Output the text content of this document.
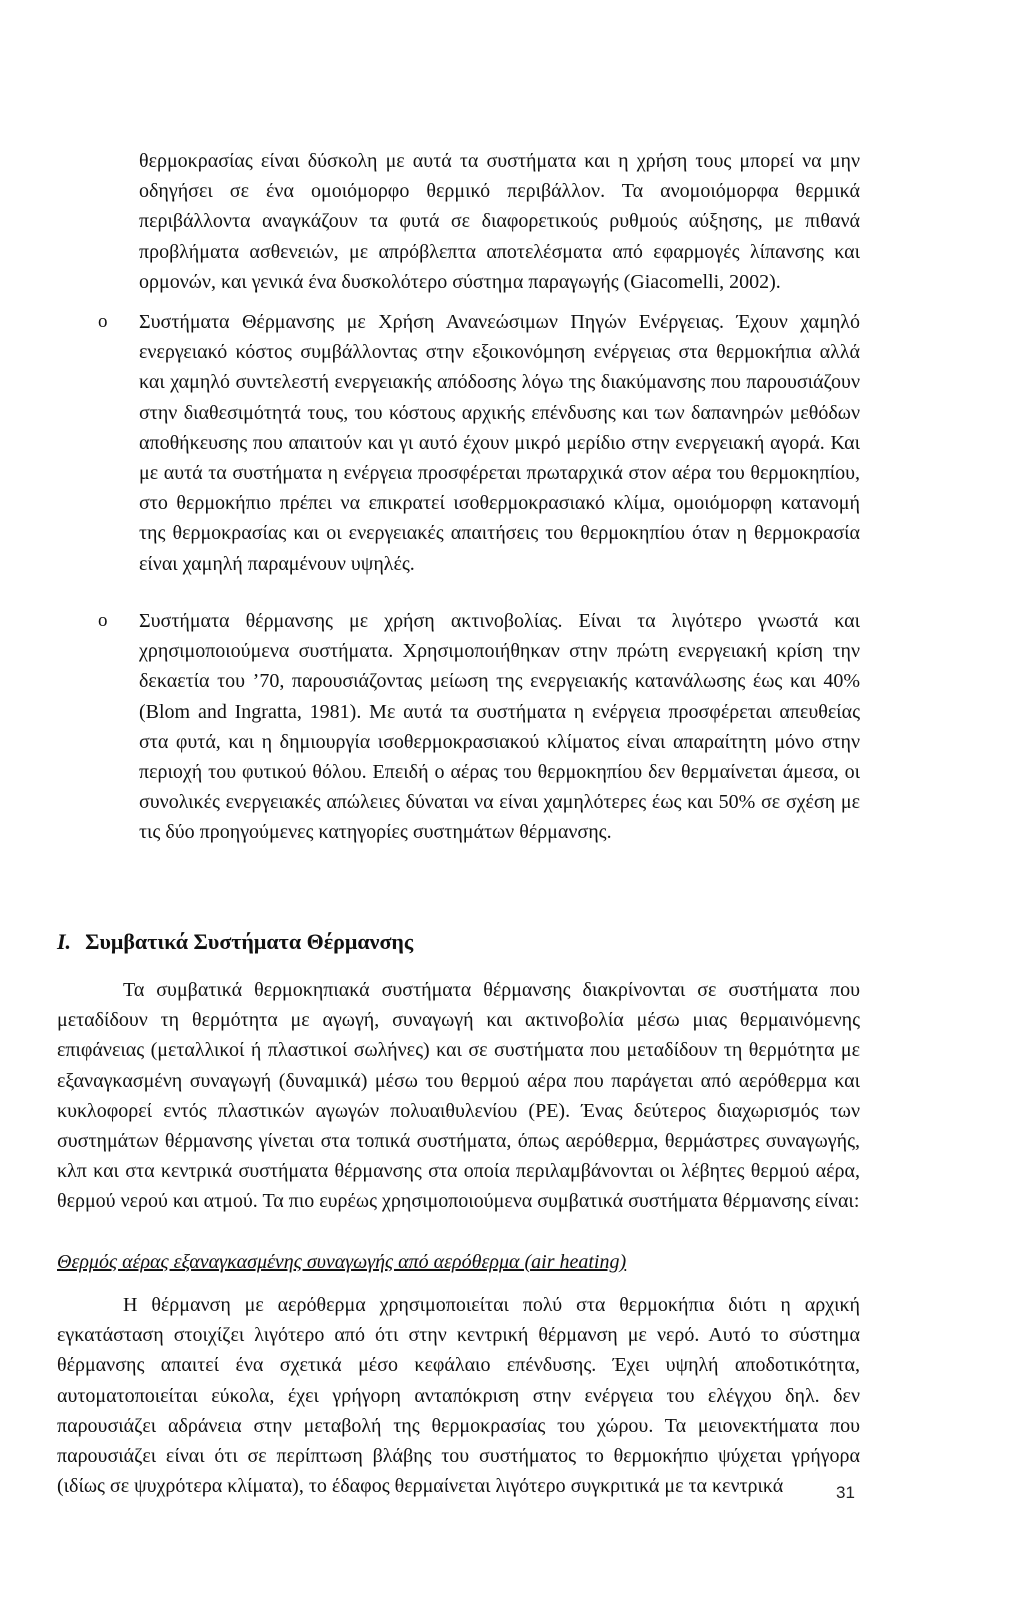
θερμοκρασίας είναι δύσκολη με αυτά τα συστήματα και η χρήση τους μπορεί να μην οδηγήσει σε ένα ομοιόμορφο θερμικό περιβάλλον. Τα ανομοιόμορφα θερμικά περιβάλλοντα αναγκάζουν τα φυτά σε διαφορετικούς ρυθμούς αύξησης, με πιθανά προβλήματα ασθενειών, με απρόβλεπτα αποτελέσματα από εφαρμογές λίπανσης και ορμονών, και γενικά ένα δυσκολότερο σύστημα παραγωγής (Giacomelli, 2002).

o Συστήματα Θέρμανσης με Χρήση Ανανεώσιμων Πηγών Ενέργειας. Έχουν χαμηλό ενεργειακό κόστος συμβάλλοντας στην εξοικονόμηση ενέργειας στα θερμοκήπια αλλά και χαμηλό συντελεστή ενεργειακής απόδοσης λόγω της διακύμανσης που παρουσιάζουν στην διαθεσιμότητά τους, του κόστους αρχικής επένδυσης και των δαπανηρών μεθόδων αποθήκευσης που απαιτούν και γι αυτό έχουν μικρό μερίδιο στην ενεργειακή αγορά. Και με αυτά τα συστήματα η ενέργεια προσφέρεται πρωταρχικά στον αέρα του θερμοκηπίου, στο θερμοκήπιο πρέπει να επικρατεί ισοθερμοκρασιακό κλίμα, ομοιόμορφη κατανομή της θερμοκρασίας και οι ενεργειακές απαιτήσεις του θερμοκηπίου όταν η θερμοκρασία είναι χαμηλή παραμένουν υψηλές.

o Συστήματα θέρμανσης με χρήση ακτινοβολίας. Είναι τα λιγότερο γνωστά και χρησιμοποιούμενα συστήματα. Χρησιμοποιήθηκαν στην πρώτη ενεργειακή κρίση την δεκαετία του ’70, παρουσιάζοντας μείωση της ενεργειακής κατανάλωσης έως και 40% (Blom and Ingratta, 1981). Με αυτά τα συστήματα η ενέργεια προσφέρεται απευθείας στα φυτά, και η δημιουργία ισοθερμοκρασιακού κλίματος είναι απαραίτητη μόνο στην περιοχή του φυτικού θόλου. Επειδή ο αέρας του θερμοκηπίου δεν θερμαίνεται άμεσα, οι συνολικές ενεργειακές απώλειες δύναται να είναι χαμηλότερες έως και 50% σε σχέση με τις δύο προηγούμενες κατηγορίες συστημάτων θέρμανσης.

I. Συμβατικά Συστήματα Θέρμανσης

Τα συμβατικά θερμοκηπιακά συστήματα θέρμανσης διακρίνονται σε συστήματα που μεταδίδουν τη θερμότητα με αγωγή, συναγωγή και ακτινοβολία μέσω μιας θερμαινόμενης επιφάνειας (μεταλλικοί ή πλαστικοί σωλήνες) και σε συστήματα που μεταδίδουν τη θερμότητα με εξαναγκασμένη συναγωγή (δυναμικά) μέσω του θερμού αέρα που παράγεται από αερόθερμα και κυκλοφορεί εντός πλαστικών αγωγών πολυαιθυλενίου (PE). Ένας δεύτερος διαχωρισμός των συστημάτων θέρμανσης γίνεται στα τοπικά συστήματα, όπως αερόθερμα, θερμάστρες συναγωγής, κλπ και στα κεντρικά συστήματα θέρμανσης στα οποία περιλαμβάνονται οι λέβητες θερμού αέρα, θερμού νερού και ατμού. Τα πιο ευρέως χρησιμοποιούμενα συμβατικά συστήματα θέρμανσης είναι:

Θερμός αέρας εξαναγκασμένης συναγωγής από αερόθερμα (air heating)

Η θέρμανση με αερόθερμα χρησιμοποιείται πολύ στα θερμοκήπια διότι η αρχική εγκατάσταση στοιχίζει λιγότερο από ότι στην κεντρική θέρμανση με νερό. Αυτό το σύστημα θέρμανσης απαιτεί ένα σχετικά μέσο κεφάλαιο επένδυσης. Έχει υψηλή αποδοτικότητα, αυτοματοποιείται εύκολα, έχει γρήγορη ανταπόκριση στην ενέργεια του ελέγχου δηλ. δεν παρουσιάζει αδράνεια στην μεταβολή της θερμοκρασίας του χώρου. Τα μειονεκτήματα που παρουσιάζει είναι ότι σε περίπτωση βλάβης του συστήματος το θερμοκήπιο ψύχεται γρήγορα (ιδίως σε ψυχρότερα κλίματα), το έδαφος θερμαίνεται λιγότερο συγκριτικά με τα κεντρικά	31
